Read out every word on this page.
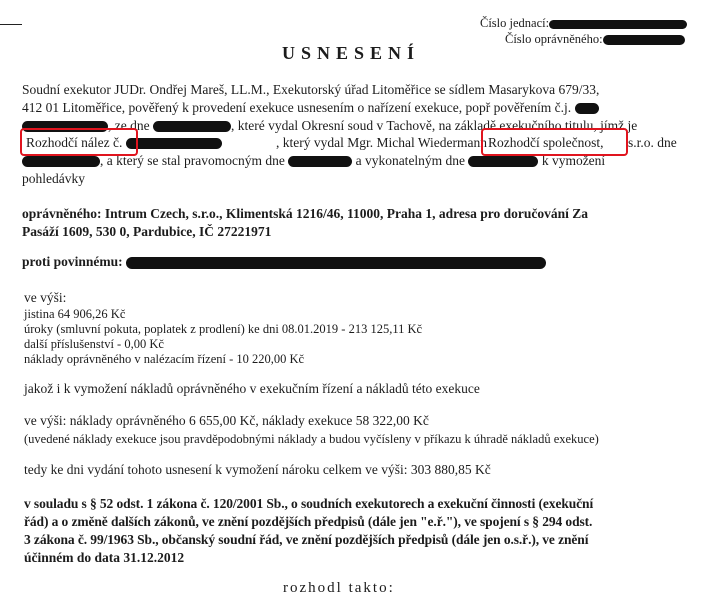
Číslo jednací:
Číslo oprávněného:
USNESENÍ
Soudní exekutor JUDr. Ondřej Mareš, LL.M., Exekutorský úřad Litoměřice se sídlem Masarykova 679/33,
412 01 Litoměřice, pověřený k provedení exekuce usnesením o nařízení exekuce, popř pověřením č.j.
, ze dne	, které vydal Okresní soud v Tachově, na základě exekučního titulu, jímž je
Rozhodčí nález č.	, který vydal Mgr. Michal Wiedermann Rozhodčí společnost, s.r.o. dne
, a který se stal pravomocným dne	a vykonatelným dne	k vymožení
pohledávky
oprávněného: Intrum Czech, s.r.o., Klimentská 1216/46, 11000, Praha 1, adresa pro doručování Za
Pasáží 1609, 530 0, Pardubice, IČ 27221971
proti povinnému:
ve výši:
jistina 64 906,26 Kč
úroky (smluvní pokuta, poplatek z prodlení) ke dni 08.01.2019 - 213 125,11 Kč
další příslušenství - 0,00 Kč
náklady oprávněného v nalézacím řízení - 10 220,00 Kč
jakož i k vymožení nákladů oprávněného v exekučním řízení a nákladů této exekuce
ve výši: náklady oprávněného 6 655,00 Kč, náklady exekuce 58 322,00 Kč
(uvedené náklady exekuce jsou pravděpodobnými náklady a budou vyčísleny v příkazu k úhradě nákladů exekuce)
tedy ke dni vydání tohoto usnesení k vymožení nároku celkem ve výši: 303 880,85 Kč
v souladu s § 52 odst. 1 zákona č. 120/2001 Sb., o soudních exekutorech a exekuční činnosti (exekuční
řád) a o změně dalších zákonů, ve znění pozdějších předpisů (dále jen "e.ř."), ve spojení s § 294 odst.
3 zákona č. 99/1963 Sb., občanský soudní řád, ve znění pozdějších předpisů (dále jen o.s.ř.), ve znění
účinném do data 31.12.2012
rozhodl takto:
